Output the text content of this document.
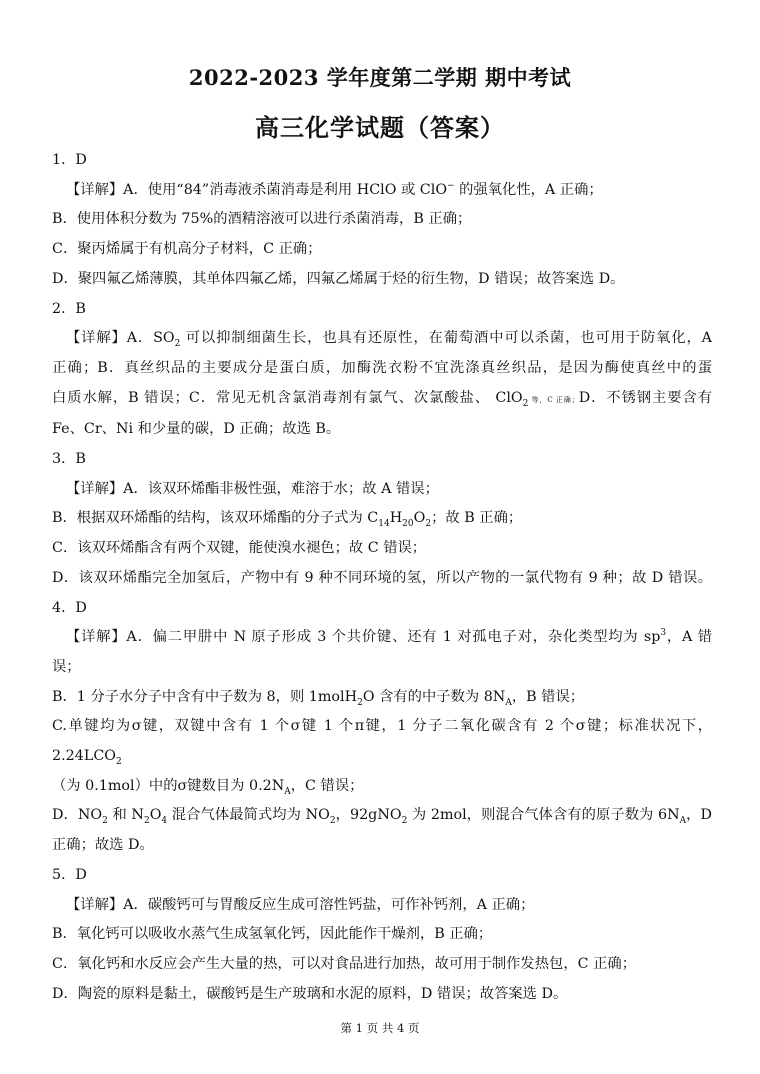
2022-2023 学年度第二学期 期中考试
高三化学试题（答案）
1．D
【详解】A．使用“84”消毒液杀菌消毒是利用 HClO 或 ClO− 的强氧化性，A 正确；
B．使用体积分数为 75%的酒精溶液可以进行杀菌消毒，B 正确；
C．聚丙烯属于有机高分子材料，C 正确；
D．聚四氟乙烯薄膜，其单体四氟乙烯，四氟乙烯属于烃的衍生物，D 错误；故答案选 D。
2．B
【详解】A．$SO_2$ 可以抑制细菌生长，也具有还原性，在葡萄酒中可以杀菌，也可用于防氧化，A
正确；B．真丝织品的主要成分是蛋白质，加酶洗衣粉不宜洗涤真丝织品，是因为酶使真丝中的蛋
白质水解，B 错误；C．常见无机含氯消毒剂有氯气、次氯酸盐、 ClO$_2$ 等，C 正确；D．不锈钢主要含有
Fe、Cr、Ni 和少量的碳，D 正确；故选 B。
3．B
【详解】A．该双环烯酯非极性强，难溶于水；故 A 错误；
B．根据双环烯酯的结构，该双环烯酯的分子式为 $C_{14}H_{20}O_2$；故 B 正确；
C．该双环烯酯含有两个双键，能使溴水褪色；故 C 错误；
D．该双环烯酯完全加氢后，产物中有 9 种不同环境的氢，所以产物的一氯代物有 9 种；故 D 错误。
4．D
【详解】A．偏二甲肼中 N 原子形成 3 个共价键、还有 1 对孤电子对，杂化类型均为 $sp^3$，A 错
误；
B．1 分子水分子中含有中子数为 8，则 1molH$_2$O 含有的中子数为 $8N_A$，B 错误；
C.单键均为σ键，双键中含有 1 个σ键 1 个π键，1 分子二氧化碳含有 2 个σ键；标准状况下，$2.24LCO_2$
（为 0.1mol）中的σ键数目为 $0.2N_A$，C 错误；
D．$NO_2$ 和 $N_2O_4$ 混合气体最简式均为 $NO_2$，92gNO$_2$ 为 2mol，则混合气体含有的原子数为 $6N_A$，D
正确；故选 D。
5．D
【详解】A．碳酸钙可与胃酸反应生成可溶性钙盐，可作补钙剂，A 正确；
B．氧化钙可以吸收水蒸气生成氢氧化钙，因此能作干燥剂，B 正确；
C．氧化钙和水反应会产生大量的热，可以对食品进行加热，故可用于制作发热包，C 正确；
D．陶瓷的原料是黏土，碳酸钙是生产玻璃和水泥的原料，D 错误；故答案选 D。
第 1 页 共 4 页
